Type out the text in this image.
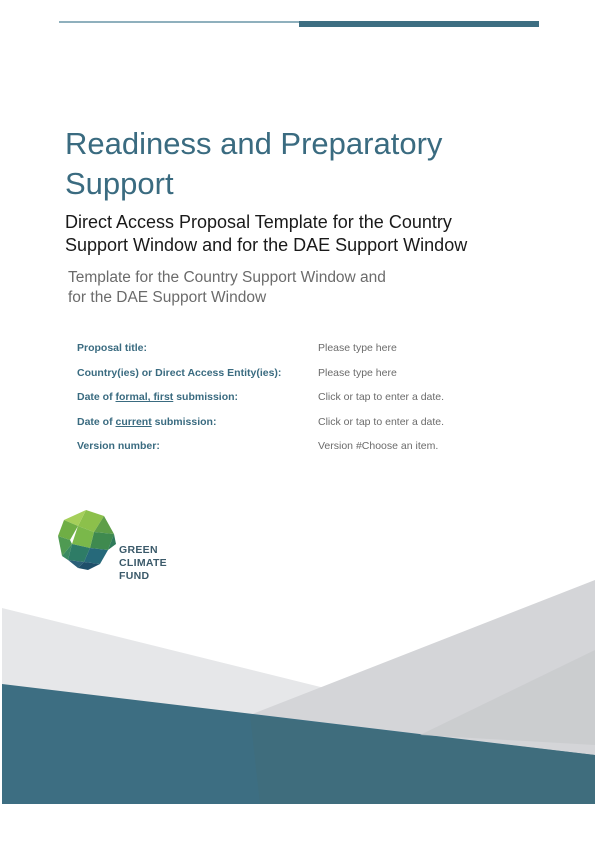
Readiness and Preparatory
Support
Direct Access Proposal Template for the Country
Support Window and for the DAE Support Window

Template for the Country Support Window and
for the DAE Support Window

Proposal title:	Please type here
Country(ies) or Direct Access Entity(ies):	Please type here
Date of formal, first submission:	Click or tap to enter a date.
Date of current submission:	Click or tap to enter a date.
Version number:	Version #Choose an item.
GREEN
CLIMATE
FUND
